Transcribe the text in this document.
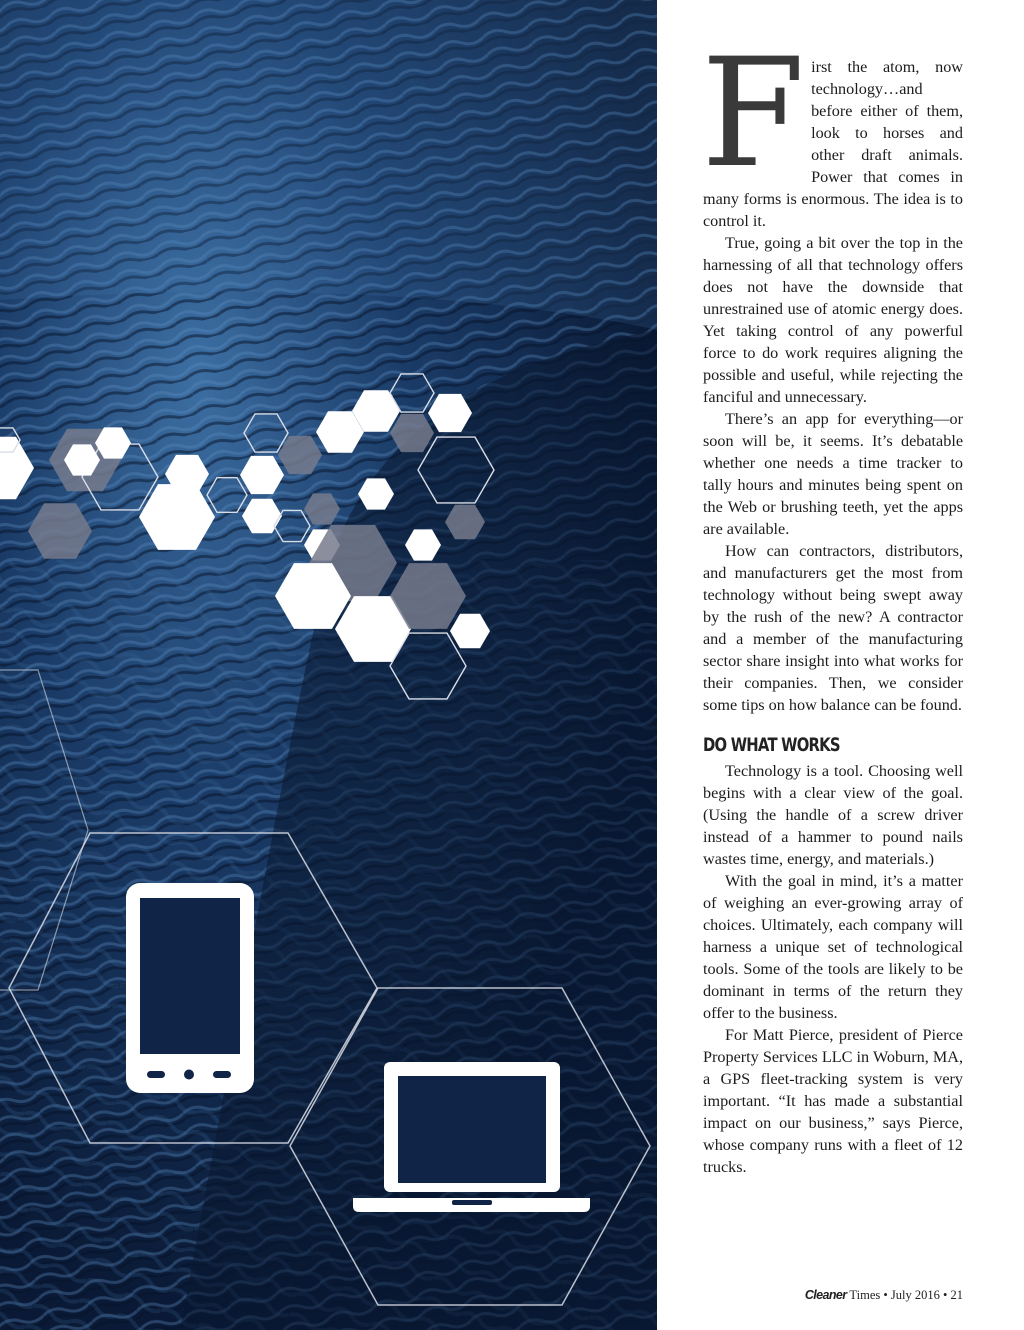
First the atom, now technology…and before either of them, look to horses and other draft animals. Power that comes in many forms is enormous. The idea is to control it.

True, going a bit over the top in the harnessing of all that technology offers does not have the downside that unrestrained use of atomic energy does. Yet taking control of any powerful force to do work requires aligning the possible and useful, while rejecting the fanciful and unnecessary.

There’s an app for everything—or soon will be, it seems. It’s debatable whether one needs a time tracker to tally hours and minutes being spent on the Web or brushing teeth, yet the apps are available.

How can contractors, distributors, and manufacturers get the most from technology without being swept away by the rush of the new? A contractor and a member of the manufacturing sector share insight into what works for their companies. Then, we consider some tips on how balance can be found.

DO WHAT WORKS

Technology is a tool. Choosing well begins with a clear view of the goal. (Using the handle of a screw driver instead of a hammer to pound nails wastes time, energy, and materials.)

With the goal in mind, it’s a matter of weighing an ever-growing array of choices. Ultimately, each company will harness a unique set of technological tools. Some of the tools are likely to be dominant in terms of the return they offer to the business.

For Matt Pierce, president of Pierce Property Services LLC in Woburn, MA, a GPS fleet-tracking system is very important. “It has made a substantial impact on our business,” says Pierce, whose company runs with a fleet of 12 trucks.

Cleaner Times • July 2016 • 21
